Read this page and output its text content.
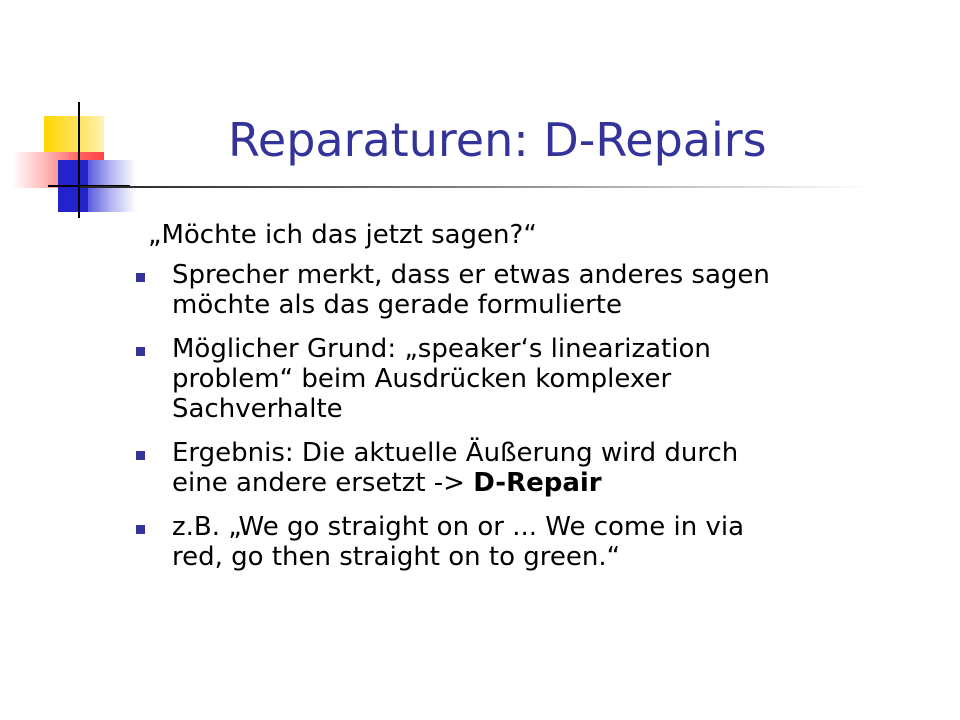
Reparaturen: D-Repairs

„Möchte ich das jetzt sagen?“

Sprecher merkt, dass er etwas anderes sagen
möchte als das gerade formulierte
Möglicher Grund: „speaker‘s linearization
problem“ beim Ausdrücken komplexer
Sachverhalte
Ergebnis: Die aktuelle Äußerung wird durch
eine andere ersetzt -> D-Repair
z.B. „We go straight on or ... We come in via
red, go then straight on to green.“
